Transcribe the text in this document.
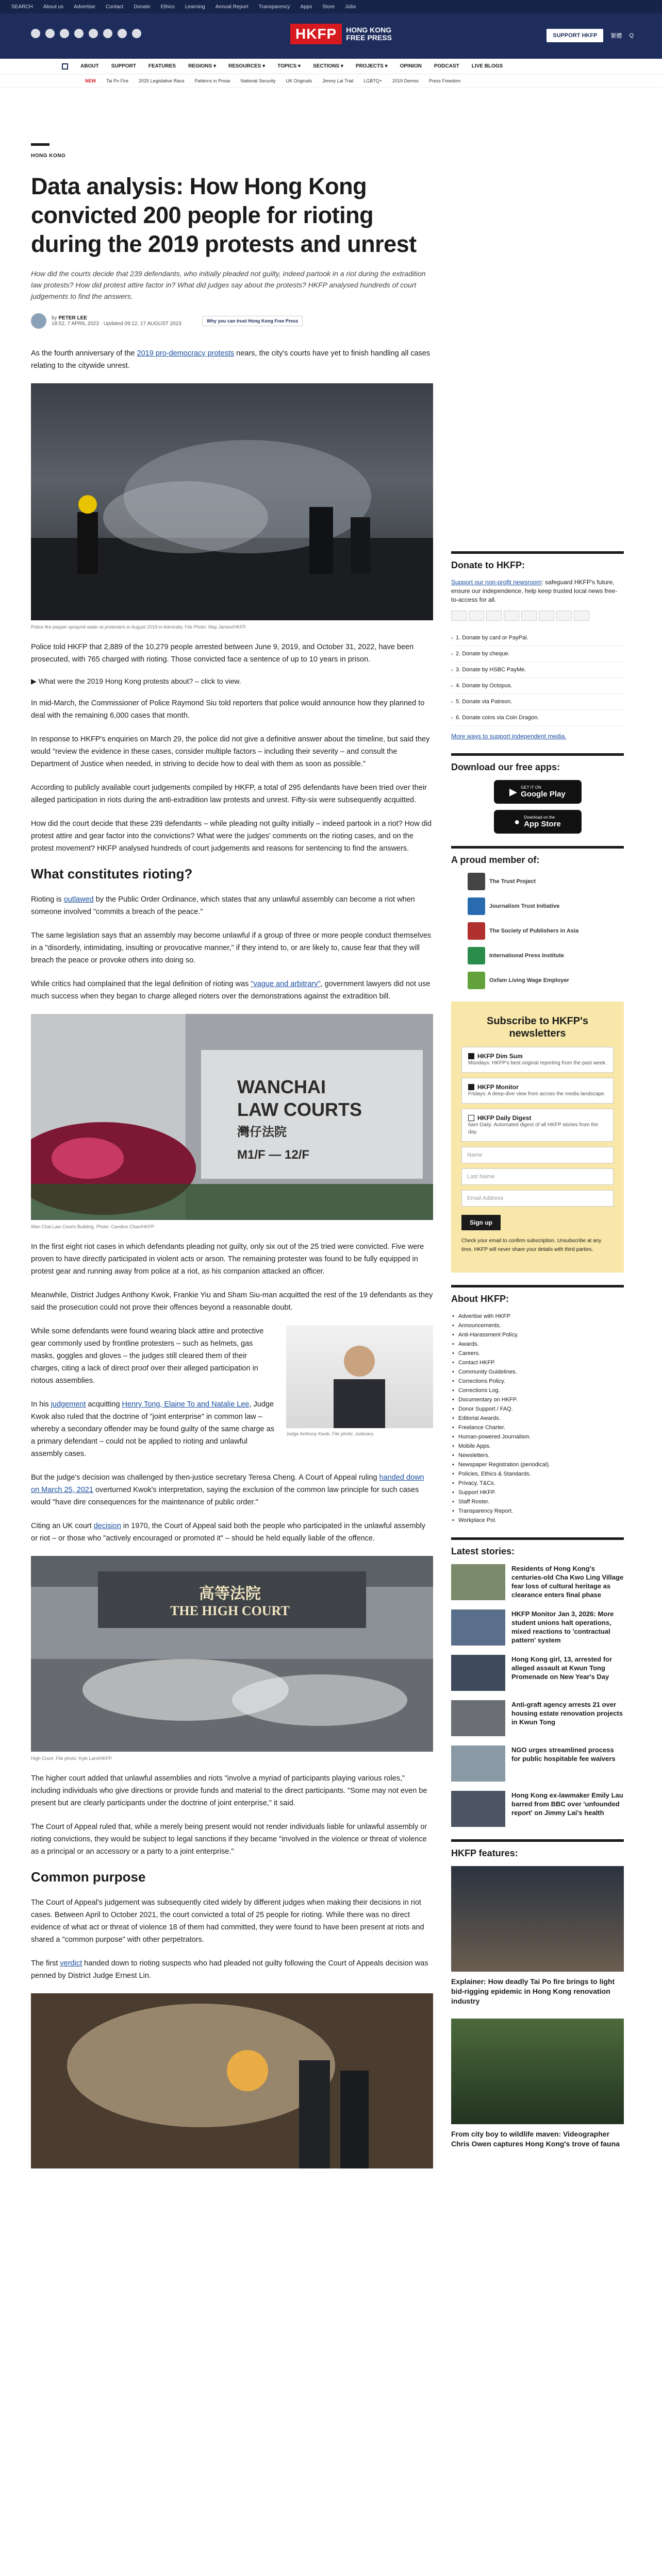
SEARCH About us Advertise Contact Donate Ethics Learning Annual Report Transparency Apps Store Jobs
HKFP	HONG KONG
FREE PRESS	SUPPORT HKFP	繁體 Q
ABOUT SUPPORT FEATURES REGIONS ▾ RESOURCES ▾ TOPICS ▾ SECTIONS ▾ PROJECTS ▾ OPINION PODCAST LIVE BLOGS
NEW Tai Po Fire 2025 Legislative Race Patterns in Prose National Security UK Originals Jimmy Lai Trial LGBTQ+ 2019 Demos Press Freedom
HONG KONG
Data analysis: How Hong Kong convicted 200 people for rioting during the 2019 protests and unrest
How did the courts decide that 239 defendants, who initially pleaded not guilty, indeed partook in a riot during the extradition law protests? How did protest attire factor in? What did judges say about the protests? HKFP analysed hundreds of court judgements to find the answers.
by PETER LEE
18:52, 7 APRIL 2023 · Updated 09:12, 17 AUGUST 2023	Why you can trust Hong Kong Free Press

As the fourth anniversary of the 2019 pro-democracy protests nears, the city's courts have yet to finish handling all cases relating to the citywide unrest.

Police fire pepper spray/oil water at protesters in August 2019 in Admiralty. File Photo: May James/HKFP.

Police told HKFP that 2,889 of the 10,279 people arrested between June 9, 2019, and October 31, 2022, have been prosecuted, with 765 charged with rioting. Those convicted face a sentence of up to 10 years in prison.

▶ What were the 2019 Hong Kong protests about? – click to view.

In mid-March, the Commissioner of Police Raymond Siu told reporters that police would announce how they planned to deal with the remaining 6,000 cases that month.

In response to HKFP's enquiries on March 29, the police did not give a definitive answer about the timeline, but said they would "review the evidence in these cases, consider multiple factors – including their severity – and consult the Department of Justice when needed, in striving to decide how to deal with them as soon as possible."

According to publicly available court judgements compiled by HKFP, a total of 295 defendants have been tried over their alleged participation in riots during the anti-extradition law protests and unrest. Fifty-six were subsequently acquitted.

How did the court decide that these 239 defendants – while pleading not guilty initially – indeed partook in a riot? How did protest attire and gear factor into the convictions? What were the judges' comments on the rioting cases, and on the protest movement? HKFP analysed hundreds of court judgements and reasons for sentencing to find the answers.

What constitutes rioting?

Rioting is outlawed by the Public Order Ordinance, which states that any unlawful assembly can become a riot when someone involved "commits a breach of the peace."

The same legislation says that an assembly may become unlawful if a group of three or more people conduct themselves in a "disorderly, intimidating, insulting or provocative manner," if they intend to, or are likely to, cause fear that they will breach the peace or provoke others into doing so.

While critics had complained that the legal definition of rioting was "vague and arbitrary", government lawyers did not use much success when they began to charge alleged rioters over the demonstrations against the extradition bill.

WANCHAI
LAW COURTS
灣仔法院
M1/F — 12/F
Wan Chai Law Courts Building. Photo: Candice Chau/HKFP.

In the first eight riot cases in which defendants pleading not guilty, only six out of the 25 tried were convicted. Five were proven to have directly participated in violent acts or arson. The remaining protester was found to be fully equipped in protest gear and running away from police at a riot, as his companion attacked an officer.

Meanwhile, District Judges Anthony Kwok, Frankie Yiu and Sham Siu-man acquitted the rest of the 19 defendants as they said the prosecution could not prove their offences beyond a reasonable doubt.

Judge Anthony Kwok. File photo: Judiciary.

While some defendants were found wearing black attire and protective gear commonly used by frontline protesters – such as helmets, gas masks, goggles and gloves – the judges still cleared them of their charges, citing a lack of direct proof over their alleged participation in riotous assemblies.

In his judgement acquitting Henry Tong, Elaine To and Natalie Lee, Judge Kwok also ruled that the doctrine of "joint enterprise" in common law – whereby a secondary offender may be found guilty of the same charge as a primary defendant – could not be applied to rioting and unlawful assembly cases.

But the judge's decision was challenged by then-justice secretary Teresa Cheng. A Court of Appeal ruling handed down on March 25, 2021 overturned Kwok's interpretation, saying the exclusion of the common law principle for such cases would "have dire consequences for the maintenance of public order."

Citing an UK court decision in 1970, the Court of Appeal said both the people who participated in the unlawful assembly or riot – or those who "actively encouraged or promoted it" – should be held equally liable of the offence.

高等法院
THE HIGH COURT
High Court. File photo: Kyle Lam/HKFP.

The higher court added that unlawful assemblies and riots "involve a myriad of participants playing various roles," including individuals who give directions or provide funds and material to the direct participants. "Some may not even be present but are clearly participants under the doctrine of joint enterprise," it said.

The Court of Appeal ruled that, while a merely being present would not render individuals liable for unlawful assembly or rioting convictions, they would be subject to legal sanctions if they became "involved in the violence or threat of violence as a principal or an accessory or a party to a joint enterprise."

Common purpose

The Court of Appeal's judgement was subsequently cited widely by different judges when making their decisions in riot cases. Between April to October 2021, the court convicted a total of 25 people for rioting. While there was no direct evidence of what act or threat of violence 18 of them had committed, they were found to have been present at riots and shared a "common purpose" with other perpetrators.

The first verdict handed down to rioting suspects who had pleaded not guilty following the Court of Appeals decision was penned by District Judge Ernest Lin.

Donate to HKFP:
Support our non-profit newsroom: safeguard HKFP's future, ensure our independence, help keep trusted local news free-to-access for all.
› 1. Donate by card or PayPal.
› 2. Donate by cheque.
› 3. Donate by HSBC PayMe.
› 4. Donate by Octopus.
› 5. Donate via Patreon.
› 6. Donate coins via Coin Dragon.
More ways to support independent media.
Download our free apps:
▶ GET IT ON
Google Play
● Download on the
App Store
A proud member of:
The Trust Project
Journalism Trust Initiative
The Society of Publishers in Asia
International Press Institute
Oxfam Living Wage Employer
Subscribe to HKFP's newsletters
HKFP Dim Sum
Mondays: HKFP's best original reporting from the past week.
HKFP Monitor
Fridays: A deep-dive view from across the media landscape.
HKFP Daily Digest
6am Daily: Automated digest of all HKFP stories from the day.
Name
Last Name
Email Address
Sign up
Check your email to confirm subscription. Unsubscribe at any time. HKFP will never share your details with third parties.
About HKFP:
• Advertise with HKFP.
• Announcements.
• Anti-Harassment Policy.
• Awards.
• Careers.
• Contact HKFP.
• Community Guidelines.
• Corrections Policy.
• Corrections Log.
• Documentary on HKFP.
• Donor Support / FAQ.
• Editorial Awards.
• Freelance Charter.
• Human-powered Journalism.
• Mobile Apps.
• Newsletters.
• Newspaper Registration (periodical).
• Policies, Ethics & Standards.
• Privacy, T&Cs.
• Support HKFP.
• Staff Roster.
• Transparency Report.
• Workplace Pol.
Latest stories:
Residents of Hong Kong's centuries-old Cha Kwo Ling Village fear loss of cultural heritage as clearance enters final phase
HKFP Monitor Jan 3, 2026: More student unions halt operations, mixed reactions to 'contractual pattern' system
Hong Kong girl, 13, arrested for alleged assault at Kwun Tong Promenade on New Year's Day
Anti-graft agency arrests 21 over housing estate renovation projects in Kwun Tong
NGO urges streamlined process for public hospitable fee waivers
Hong Kong ex-lawmaker Emily Lau barred from BBC over 'unfounded report' on Jimmy Lai's health
HKFP features:
Explainer: How deadly Tai Po fire brings to light bid-rigging epidemic in Hong Kong renovation industry
From city boy to wildlife maven: Videographer Chris Owen captures Hong Kong's trove of fauna
